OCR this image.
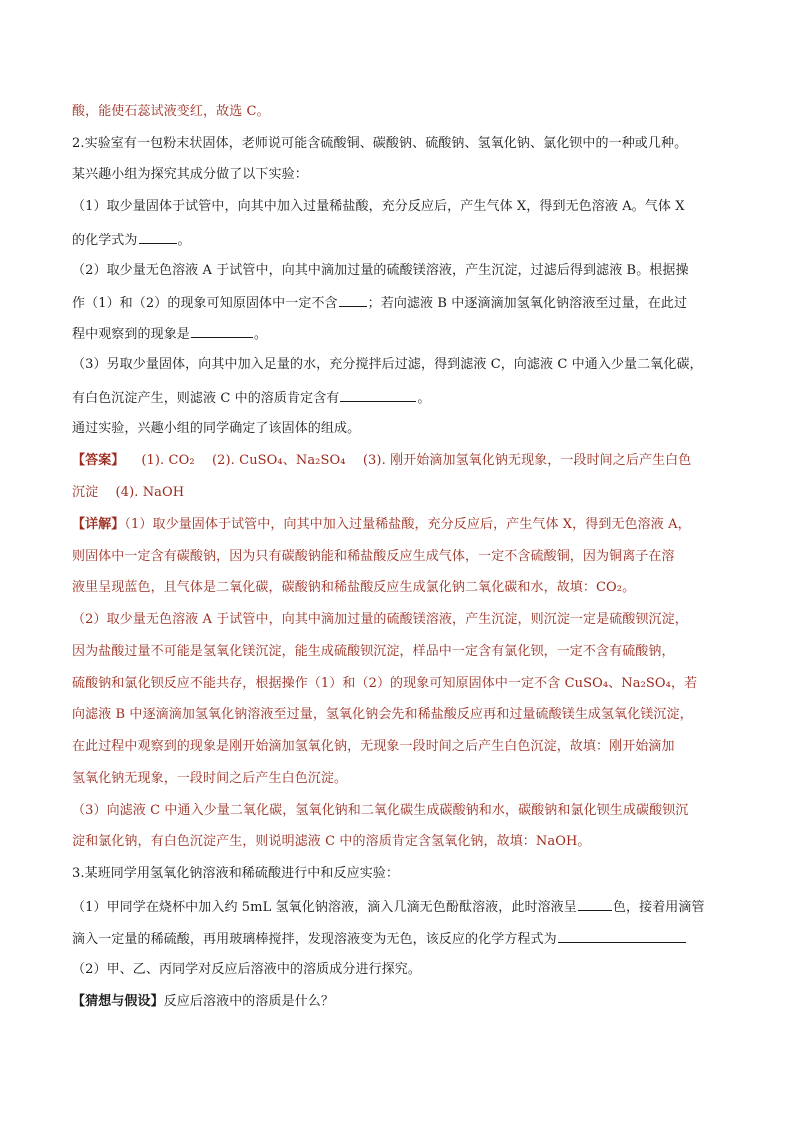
酸，能使石蕊试液变红，故选 C。
2.实验室有一包粉末状固体，老师说可能含硫酸铜、碳酸钠、硫酸钠、氢氧化钠、氯化钡中的一种或几种。
某兴趣小组为探究其成分做了以下实验：
（1）取少量固体于试管中，向其中加入过量稀盐酸，充分反应后，产生气体 X，得到无色溶液 A。气体 X
的化学式为	。
（2）取少量无色溶液 A 于试管中，向其中滴加过量的硫酸镁溶液，产生沉淀，过滤后得到滤液 B。根据操
作（1）和（2）的现象可知原固体中一定不含 ；若向滤液 B 中逐滴滴加氢氧化钠溶液至过量，在此过
程中观察到的现象是	。
（3）另取少量固体，向其中加入足量的水，充分搅拌后过滤，得到滤液 C，向滤液 C 中通入少量二氧化碳，
有白色沉淀产生，则滤液 C 中的溶质肯定含有	。
通过实验，兴趣小组的同学确定了该固体的组成。
【答案】 (1). CO₂　 (2). CuSO₄、Na₂SO₄　 (3). 刚开始滴加氢氧化钠无现象，一段时间之后产生白色
沉淀　 (4). NaOH
【详解】（1）取少量固体于试管中，向其中加入过量稀盐酸，充分反应后，产生气体 X，得到无色溶液 A，
则固体中一定含有碳酸钠，因为只有碳酸钠能和稀盐酸反应生成气体，一定不含硫酸铜，因为铜离子在溶
液里呈现蓝色，且气体是二氧化碳，碳酸钠和稀盐酸反应生成氯化钠二氧化碳和水，故填：CO₂。
（2）取少量无色溶液 A 于试管中，向其中滴加过量的硫酸镁溶液，产生沉淀，则沉淀一定是硫酸钡沉淀，
因为盐酸过量不可能是氢氧化镁沉淀，能生成硫酸钡沉淀，样品中一定含有氯化钡，一定不含有硫酸钠，
硫酸钠和氯化钡反应不能共存，根据操作（1）和（2）的现象可知原固体中一定不含 CuSO₄、Na₂SO₄，若
向滤液 B 中逐滴滴加氢氧化钠溶液至过量，氢氧化钠会先和稀盐酸反应再和过量硫酸镁生成氢氧化镁沉淀，
在此过程中观察到的现象是刚开始滴加氢氧化钠，无现象一段时间之后产生白色沉淀，故填：刚开始滴加
氢氧化钠无现象，一段时间之后产生白色沉淀。
（3）向滤液 C 中通入少量二氧化碳，氢氧化钠和二氧化碳生成碳酸钠和水，碳酸钠和氯化钡生成碳酸钡沉
淀和氯化钠，有白色沉淀产生，则说明滤液 C 中的溶质肯定含氢氧化钠，故填：NaOH。
3.某班同学用氢氧化钠溶液和稀硫酸进行中和反应实验：
（1）甲同学在烧杯中加入约 5mL 氢氧化钠溶液，滴入几滴无色酚酞溶液，此时溶液呈	色，接着用滴管
滴入一定量的稀硫酸，再用玻璃棒搅拌，发现溶液变为无色，该反应的化学方程式为
（2）甲、乙、丙同学对反应后溶液中的溶质成分进行探究。
【猜想与假设】反应后溶液中的溶质是什么？
